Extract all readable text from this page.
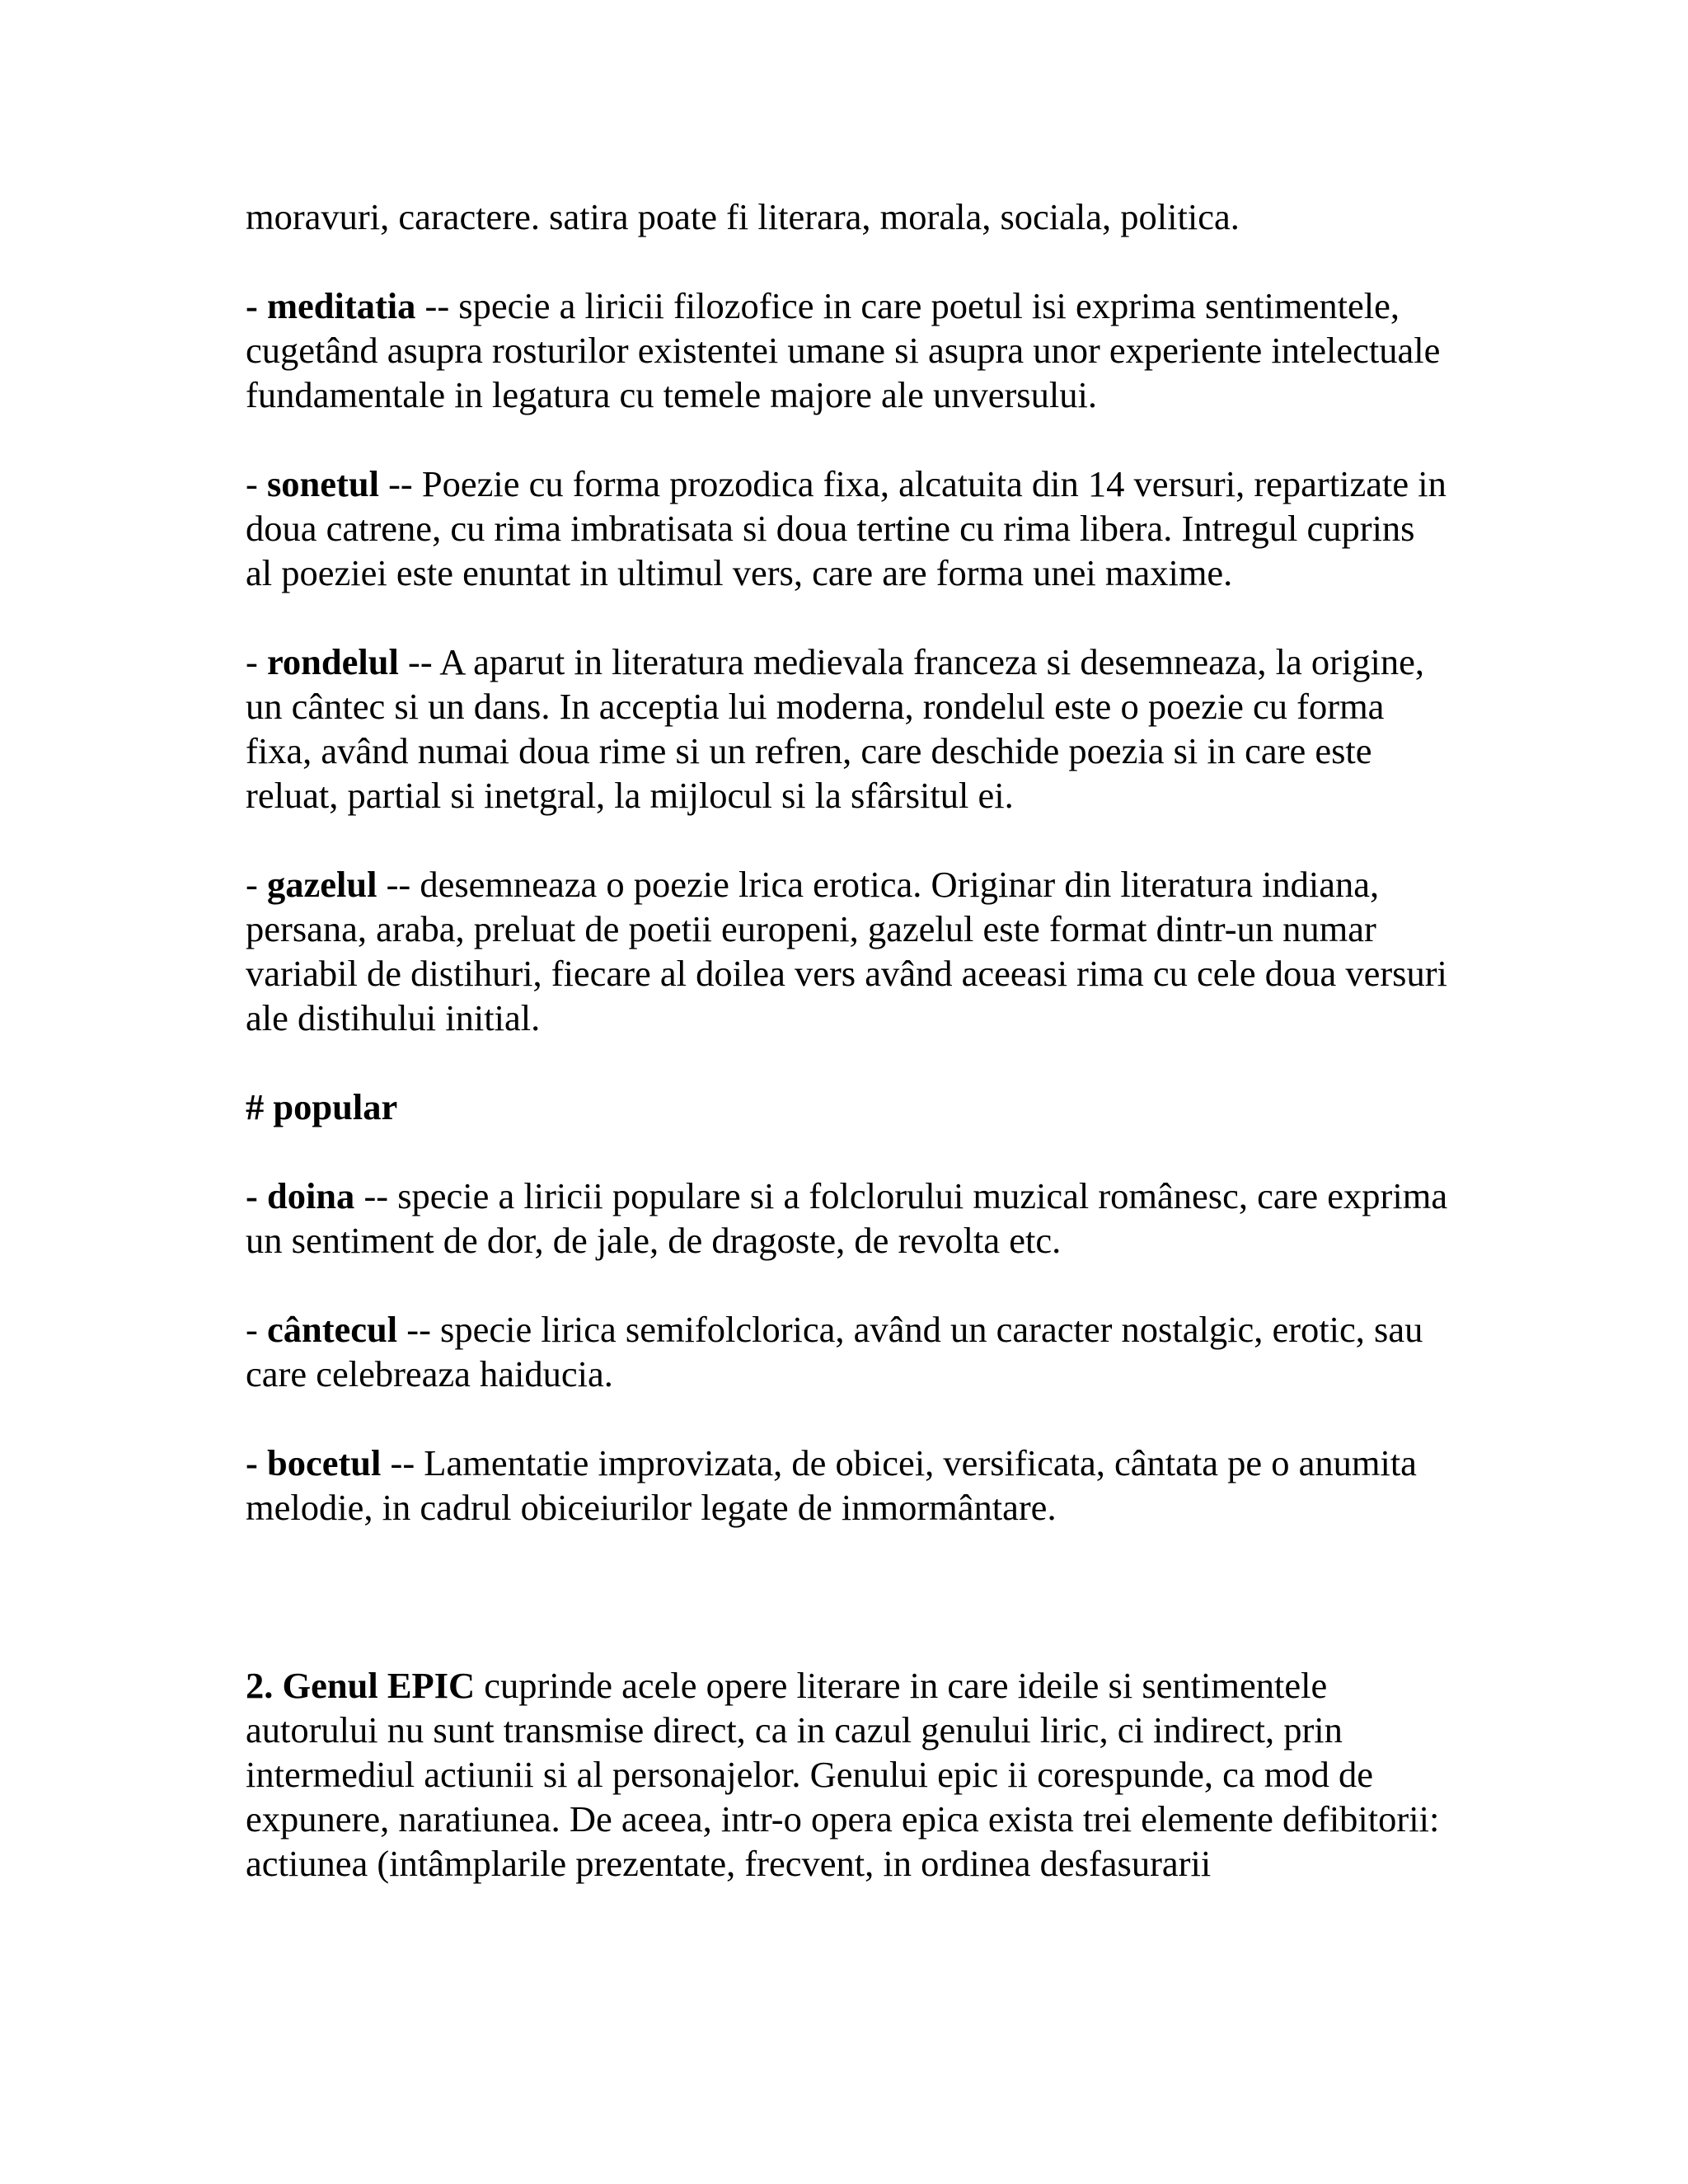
moravuri, caractere. satira poate fi literara, morala, sociala, politica.

- meditatia -- specie a liricii filozofice in care poetul isi exprima sentimentele, cugetând asupra rosturilor existentei umane si asupra unor experiente intelectuale fundamentale in legatura cu temele majore ale unversului.

- sonetul -- Poezie cu forma prozodica fixa, alcatuita din 14 versuri, repartizate in doua catrene, cu rima imbratisata si doua tertine cu rima libera. Intregul cuprins al poeziei este enuntat in ultimul vers, care are forma unei maxime.

- rondelul -- A aparut in literatura medievala franceza si desemneaza, la origine, un cântec si un dans. In acceptia lui moderna, rondelul este o poezie cu forma fixa, având numai doua rime si un refren, care deschide poezia si in care este reluat, partial si inetgral, la mijlocul si la sfârsitul ei.

- gazelul -- desemneaza o poezie lrica erotica. Originar din literatura indiana, persana, araba, preluat de poetii europeni, gazelul este format dintr-un numar variabil de distihuri, fiecare al doilea vers având aceeasi rima cu cele doua versuri ale distihului initial.

# popular

- doina -- specie a liricii populare si a folclorului muzical românesc, care exprima un sentiment de dor, de jale, de dragoste, de revolta etc.

- cântecul -- specie lirica semifolclorica, având un caracter nostalgic, erotic, sau care celebreaza haiducia.

- bocetul -- Lamentatie improvizata, de obicei, versificata, cântata pe o anumita melodie, in cadrul obiceiurilor legate de inmormântare.

2. Genul EPIC cuprinde acele opere literare in care ideile si sentimentele autorului nu sunt transmise direct, ca in cazul genului liric, ci indirect, prin intermediul actiunii si al personajelor. Genului epic ii corespunde, ca mod de expunere, naratiunea. De aceea, intr-o opera epica exista trei elemente defibitorii: actiunea (intâmplarile prezentate, frecvent, in ordinea desfasurarii
